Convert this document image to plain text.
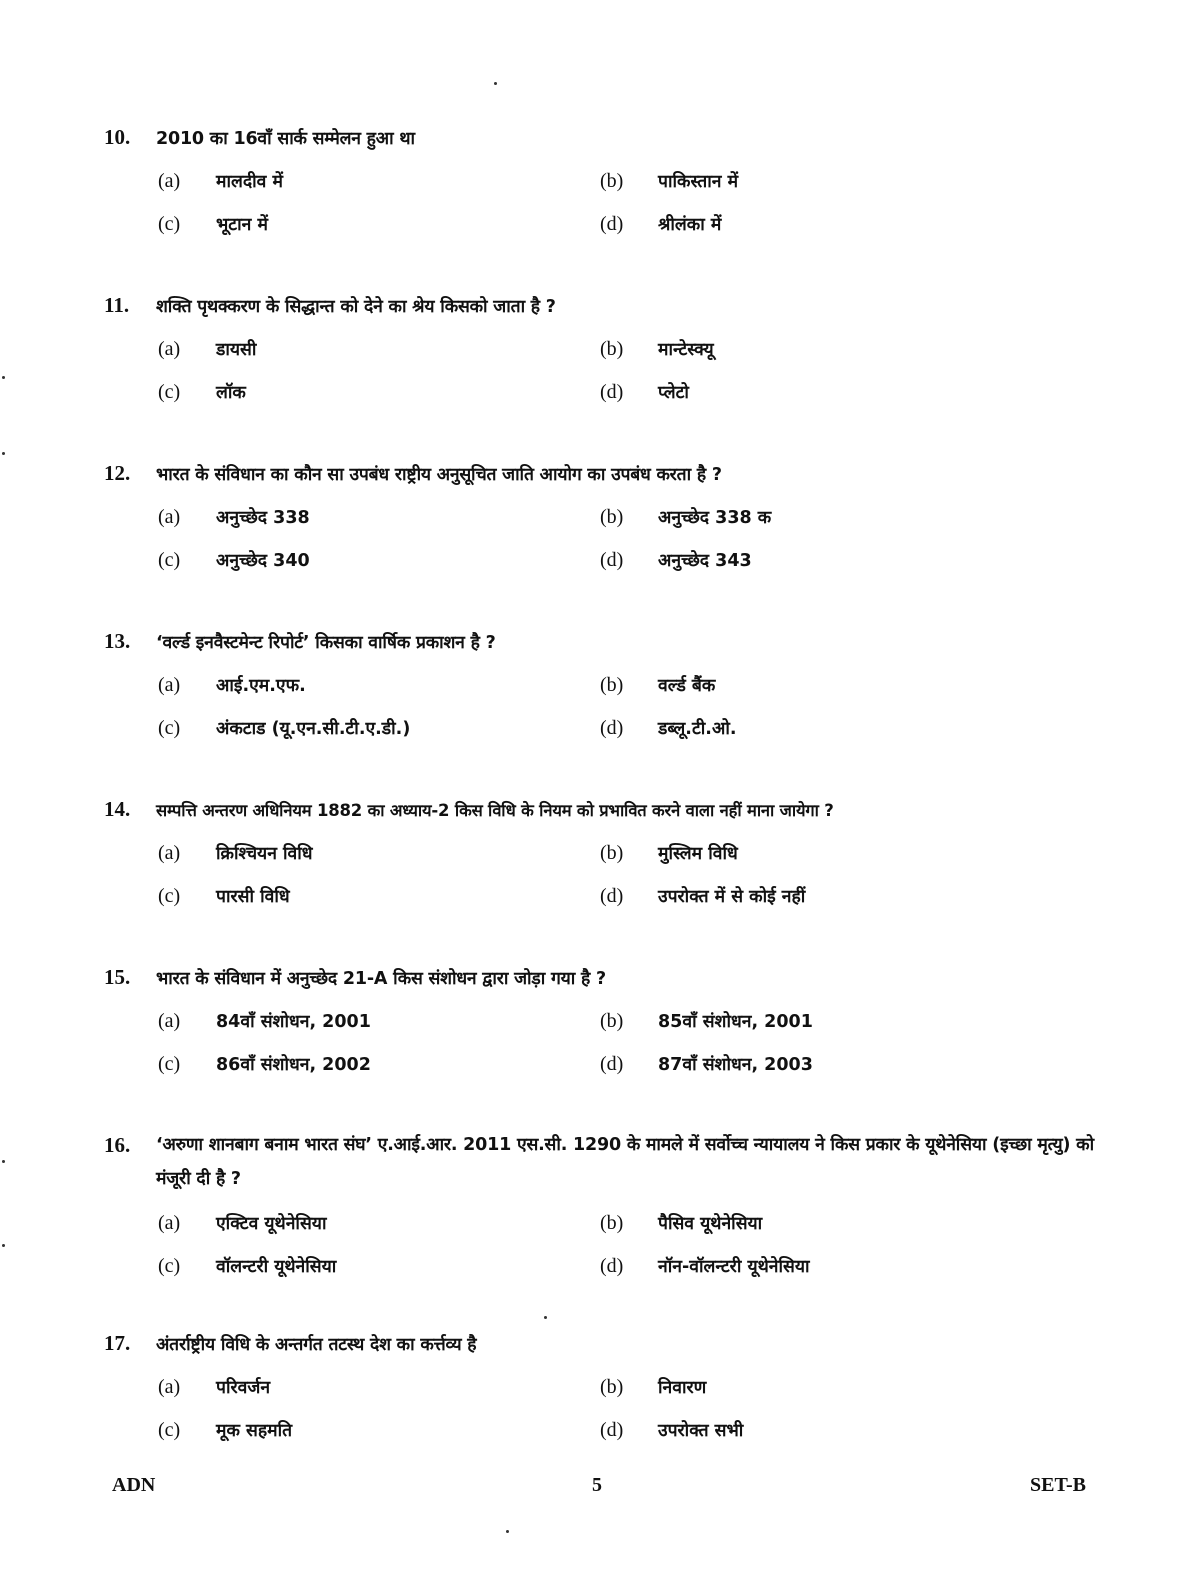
10.	2010 का 16वाँ सार्क सम्मेलन हुआ था
(a)	मालदीव में	(b)	पाकिस्तान में
(c)	भूटान में	(d)	श्रीलंका में
11.	शक्ति पृथक्करण के सिद्धान्त को देने का श्रेय किसको जाता है ?
(a)	डायसी	(b)	मान्टेस्क्यू
(c)	लॉक	(d)	प्लेटो
12.	भारत के संविधान का कौन सा उपबंध राष्ट्रीय अनुसूचित जाति आयोग का उपबंध करता है ?
(a)	अनुच्छेद 338	(b)	अनुच्छेद 338 क
(c)	अनुच्छेद 340	(d)	अनुच्छेद 343
13.	‘वर्ल्ड इनवैस्टमेन्ट रिपोर्ट’ किसका वार्षिक प्रकाशन है ?
(a)	आई.एम.एफ.	(b)	वर्ल्ड बैंक
(c)	अंकटाड (यू.एन.सी.टी.ए.डी.)	(d)	डब्लू.टी.ओ.
14.	सम्पत्ति अन्तरण अधिनियम 1882 का अध्याय-2 किस विधि के नियम को प्रभावित करने वाला नहीं माना जायेगा ?
(a)	क्रिश्चियन विधि	(b)	मुस्लिम विधि
(c)	पारसी विधि	(d)	उपरोक्त में से कोई नहीं
15.	भारत के संविधान में अनुच्छेद 21-A किस संशोधन द्वारा जोड़ा गया है ?
(a)	84वाँ संशोधन, 2001	(b)	85वाँ संशोधन, 2001
(c)	86वाँ संशोधन, 2002	(d)	87वाँ संशोधन, 2003
16.	‘अरुणा शानबाग बनाम भारत संघ’ ए.आई.आर. 2011 एस.सी. 1290 के मामले में सर्वोच्च न्यायालय ने किस प्रकार के यूथेनेसिया (इच्छा मृत्यु) को मंजूरी दी है ?
(a)	एक्टिव यूथेनेसिया	(b)	पैसिव यूथेनेसिया
(c)	वॉलन्टरी यूथेनेसिया	(d)	नॉन-वॉलन्टरी यूथेनेसिया
17.	अंतर्राष्ट्रीय विधि के अन्तर्गत तटस्थ देश का कर्त्तव्य है
(a)	परिवर्जन	(b)	निवारण
(c)	मूक सहमति	(d)	उपरोक्त सभी
ADN	5	SET-B
